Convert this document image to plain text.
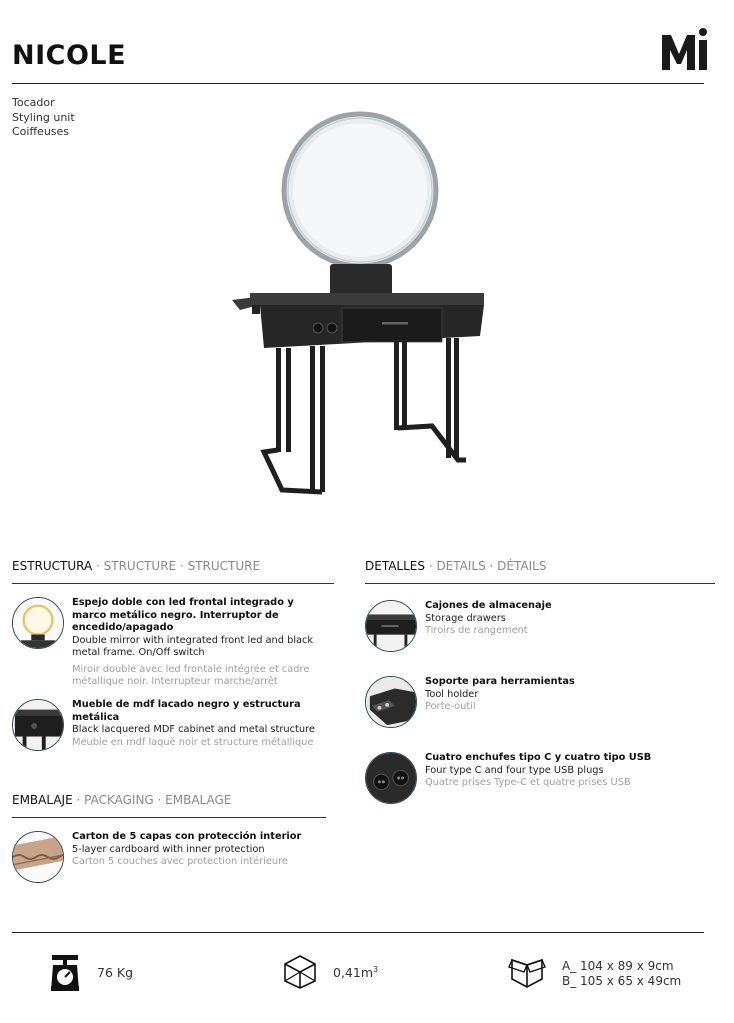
NICOLE
Tocador
Styling unit
Coiffeuses
ESTRUCTURA · STRUCTURE · STRUCTURE
Espejo doble con led frontal integrado y marco metálico negro. Interruptor de encedido/apagado
Double mirror with integrated front led and black metal frame. On/Off switch
Miroir double avec led frontale intégrée et cadre métallique noir. Interrupteur marche/arrêt
Mueble de mdf lacado negro y estructura metálica
Black lacquered MDF cabinet and metal structure
Meuble en mdf laqué noir et structure métallique
EMBALAJE · PACKAGING · EMBALAGE
Carton de 5 capas con protección interior
5-layer cardboard with inner protection
Carton 5 couches avec protection intérieure
DETALLES · DETAILS · DÉTAILS
Cajones de almacenaje
Storage drawers
Tiroirs de rangement
Soporte para herramientas
Tool holder
Porte-outil
Cuatro enchufes tipo C y cuatro tipo USB
Four type C and four type USB plugs
Quatre prises Type-C et quatre prises USB
76 Kg	$0,41m^3$	A_ 104 x 89 x 9cm
B_ 105 x 65 x 49cm
